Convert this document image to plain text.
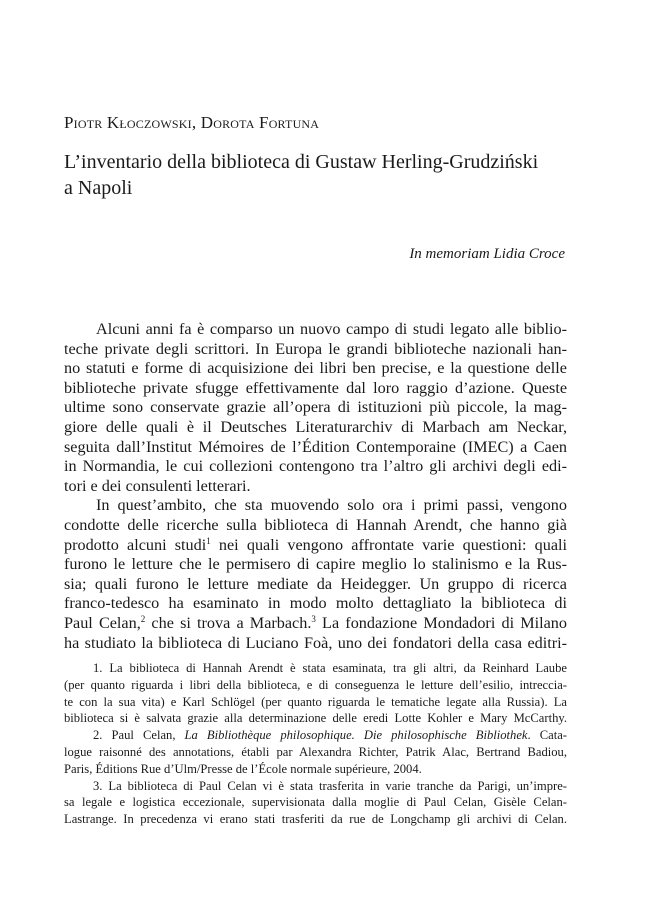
Piotr Kłoczowski, Dorota Fortuna
L’inventario della biblioteca di Gustaw Herling-Grudziński
a Napoli
In memoriam Lidia Croce
Alcuni anni fa è comparso un nuovo campo di studi legato alle biblio-
teche private degli scrittori. In Europa le grandi biblioteche nazionali han-
no statuti e forme di acquisizione dei libri ben precise, e la questione delle
biblioteche private sfugge effettivamente dal loro raggio d’azione. Queste
ultime sono conservate grazie all’opera di istituzioni più piccole, la mag-
giore delle quali è il Deutsches Literaturarchiv di Marbach am Neckar,
seguita dall’Institut Mémoires de l’Édition Contemporaine (IMEC) a Caen
in Normandia, le cui collezioni contengono tra l’altro gli archivi degli edi-
tori e dei consulenti letterari.
In quest’ambito, che sta muovendo solo ora i primi passi, vengono
condotte delle ricerche sulla biblioteca di Hannah Arendt, che hanno già
prodotto alcuni studi$^1$ nei quali vengono affrontate varie questioni: quali
furono le letture che le permisero di capire meglio lo stalinismo e la Rus-
sia; quali furono le letture mediate da Heidegger. Un gruppo di ricerca
franco-tedesco ha esaminato in modo molto dettagliato la biblioteca di
Paul Celan,$^2$ che si trova a Marbach.$^3$ La fondazione Mondadori di Milano
ha studiato la biblioteca di Luciano Foà, uno dei fondatori della casa editri-
1. La biblioteca di Hannah Arendt è stata esaminata, tra gli altri, da Reinhard Laube
(per quanto riguarda i libri della biblioteca, e di conseguenza le letture dell’esilio, intreccia-
te con la sua vita) e Karl Schlögel (per quanto riguarda le tematiche legate alla Russia). La
biblioteca si è salvata grazie alla determinazione delle eredi Lotte Kohler e Mary McCarthy.
2. Paul Celan, La Bibliothèque philosophique. Die philosophische Bibliothek. Cata-
logue raisonné des annotations, établi par Alexandra Richter, Patrik Alac, Bertrand Badiou,
Paris, Éditions Rue d’Ulm/Presse de l’École normale supérieure, 2004.
3. La biblioteca di Paul Celan vi è stata trasferita in varie tranche da Parigi, un’impre-
sa legale e logistica eccezionale, supervisionata dalla moglie di Paul Celan, Gisèle Celan-
Lastrange. In precedenza vi erano stati trasferiti da rue de Longchamp gli archivi di Celan.
